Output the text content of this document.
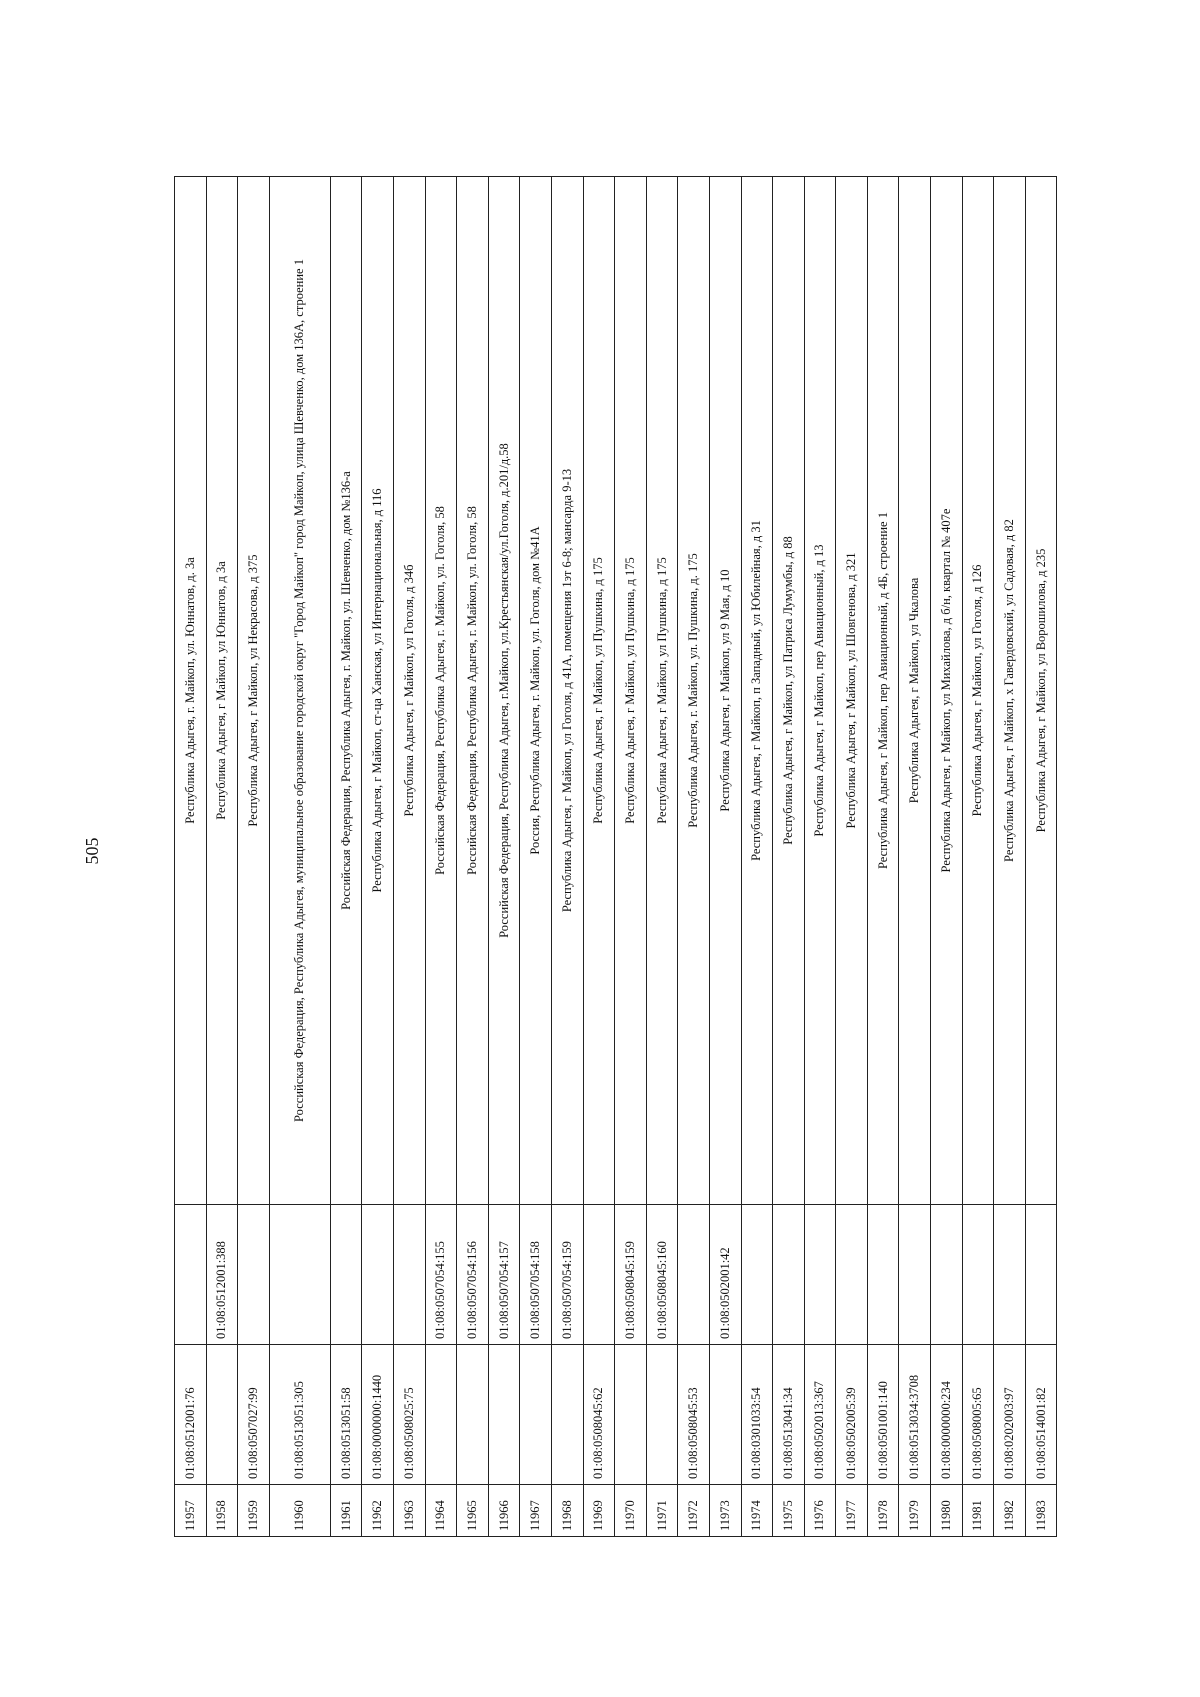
505
11957	01:08:0512001:76		Республика Адыгея, г. Майкоп, ул. Юннатов, д. 3а
11958		01:08:0512001:388	Республика Адыгея, г Майкоп, ул Юннатов, д 3а
11959	01:08:0507027:99		Республика Адыгея, г Майкоп, ул Некрасова, д 375
11960	01:08:0513051:305		Российская Федерация, Республика Адыгея, муниципальное образование городской округ "Город Майкоп" город Майкоп, улица Шевченко, дом 136А, строение 1
11961	01:08:0513051:58		Российская Федерация, Республика Адыгея, г. Майкоп, ул. Шевченко, дом №136-а
11962	01:08:0000000:1440		Республика Адыгея, г Майкоп, ст-ца Ханская, ул Интернациональная, д 116
11963	01:08:0508025:75		Республика Адыгея, г Майкоп, ул Гоголя, д 34б
11964		01:08:0507054:155	Российская Федерация, Республика Адыгея, г. Майкоп, ул. Гоголя, 58
11965		01:08:0507054:156	Российская Федерация, Республика Адыгея, г. Майкоп, ул. Гоголя, 58
11966		01:08:0507054:157	Российская Федерация, Республика Адыгея, г.Майкоп, ул.Крестьянская/ул.Гоголя, д.201/д.58
11967		01:08:0507054:158	Россия, Республика Адыгея, г. Майкоп, ул. Гоголя, дом №41А
11968		01:08:0507054:159	Республика Адыгея, г Майкоп, ул Гоголя, д 41А, помещения 1эт 6-8; мансарда 9-13
11969	01:08:0508045:62		Республика Адыгея, г Майкоп, ул Пушкина, д 175
11970		01:08:0508045:159	Республика Адыгея, г Майкоп, ул Пушкина, д 175
11971		01:08:0508045:160	Республика Адыгея, г Майкоп, ул Пушкина, д 175
11972	01:08:0508045:53		Республика Адыгея, г. Майкоп, ул. Пушкина, д. 175
11973		01:08:0502001:42	Республика Адыгея, г Майкоп, ул 9 Мая, д 10
11974	01:08:0301033:54		Республика Адыгея, г Майкоп, п Западный, ул Юбилейная, д 31
11975	01:08:0513041:34		Республика Адыгея, г Майкоп, ул Патриса Лумумбы, д 88
11976	01:08:0502013:367		Республика Адыгея, г Майкоп, пер Авиационный, д 13
11977	01:08:0502005:39		Республика Адыгея, г Майкоп, ул Шовгенова, д 321
11978	01:08:0501001:140		Республика Адыгея, г Майкоп, пер Авиационный, д 4Б, строение 1
11979	01:08:0513034:3708		Республика Адыгея, г Майкоп, ул Чкалова
11980	01:08:0000000:234		Республика Адыгея, г Майкоп, ул Михайлова, д б/н, квартал № 407е
11981	01:08:0508005:65		Республика Адыгея, г Майкоп, ул Гоголя, д 126
11982	01:08:0202003:97		Республика Адыгея, г Майкоп, х Гавердовский, ул Садовая, д 82
11983	01:08:0514001:82		Республика Адыгея, г Майкоп, ул Ворошилова, д 235
